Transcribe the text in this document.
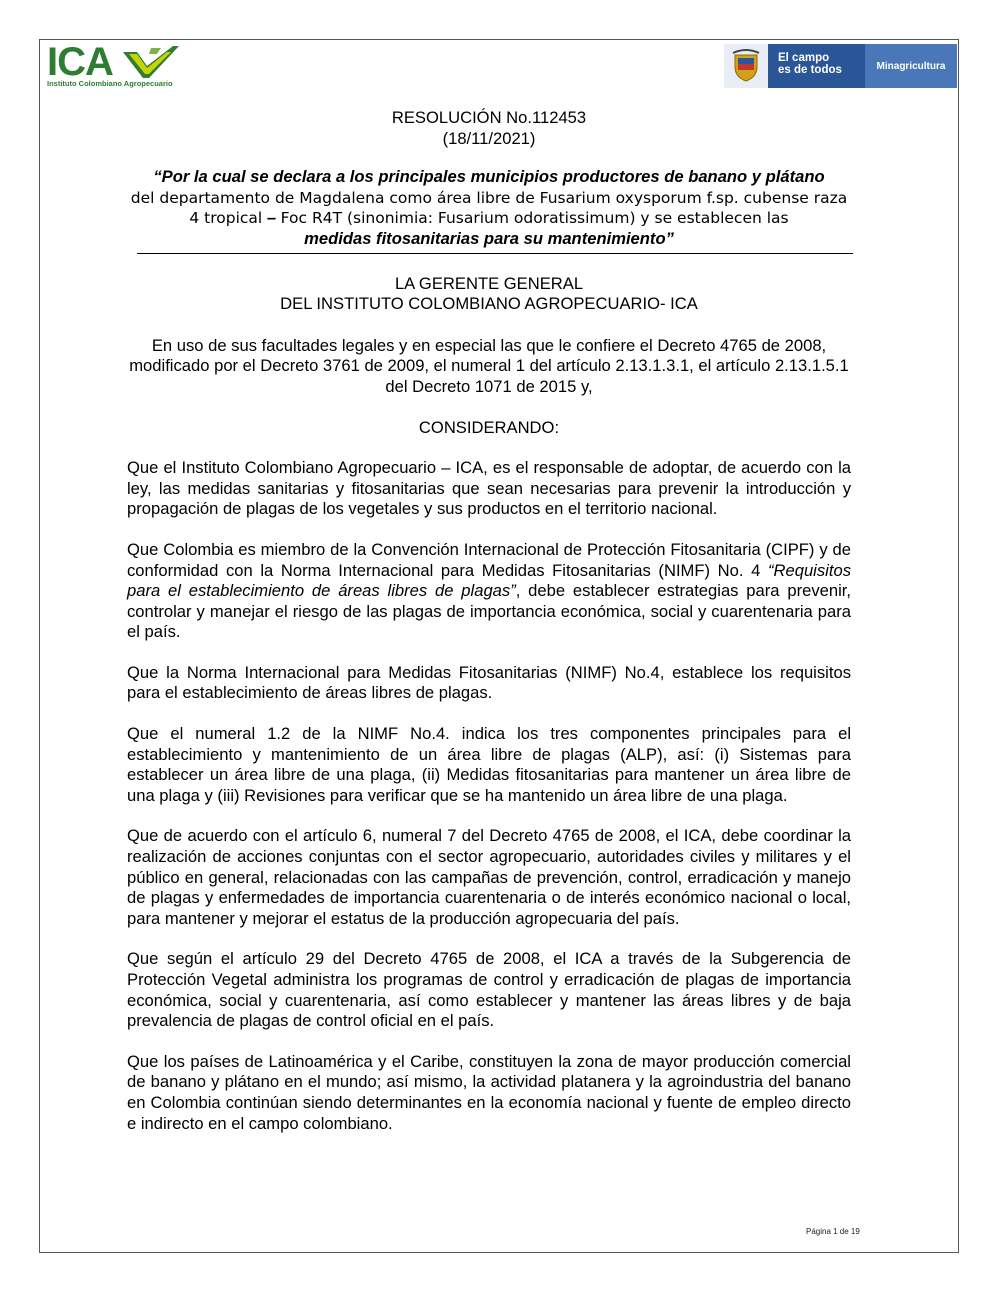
ICA
Instituto Colombiano Agropecuario
El campo
es de todos	Minagricultura
RESOLUCIÓN No.112453
(18/11/2021)
“Por la cual se declara a los principales municipios productores de banano y plátano
del departamento de Magdalena como área libre de Fusarium oxysporum f.sp. cubense raza 4 tropical – Foc R4T (sinonimia: Fusarium odoratissimum) y se establecen las
medidas fitosanitarias para su mantenimiento”
LA GERENTE GENERAL
DEL INSTITUTO COLOMBIANO AGROPECUARIO- ICA
En uso de sus facultades legales y en especial las que le confiere el Decreto 4765 de 2008, modificado por el Decreto 3761 de 2009, el numeral 1 del artículo 2.13.1.3.1, el artículo 2.13.1.5.1 del Decreto 1071 de 2015 y,
CONSIDERANDO:
Que el Instituto Colombiano Agropecuario – ICA, es el responsable de adoptar, de acuerdo con la ley, las medidas sanitarias y fitosanitarias que sean necesarias para prevenir la introducción y propagación de plagas de los vegetales y sus productos en el territorio nacional.
Que Colombia es miembro de la Convención Internacional de Protección Fitosanitaria (CIPF) y de conformidad con la Norma Internacional para Medidas Fitosanitarias (NIMF) No. 4 “Requisitos para el establecimiento de áreas libres de plagas”, debe establecer estrategias para prevenir, controlar y manejar el riesgo de las plagas de importancia económica, social y cuarentenaria para el país.
Que la Norma Internacional para Medidas Fitosanitarias (NIMF) No.4, establece los requisitos para el establecimiento de áreas libres de plagas.
Que el numeral 1.2 de la NIMF No.4. indica los tres componentes principales para el establecimiento y mantenimiento de un área libre de plagas (ALP), así: (i) Sistemas para establecer un área libre de una plaga, (ii) Medidas fitosanitarias para mantener un área libre de una plaga y (iii) Revisiones para verificar que se ha mantenido un área libre de una plaga.
Que de acuerdo con el artículo 6, numeral 7 del Decreto 4765 de 2008, el ICA, debe coordinar la realización de acciones conjuntas con el sector agropecuario, autoridades civiles y militares y el público en general, relacionadas con las campañas de prevención, control, erradicación y manejo de plagas y enfermedades de importancia cuarentenaria o de interés económico nacional o local, para mantener y mejorar el estatus de la producción agropecuaria del país.
Que según el artículo 29 del Decreto 4765 de 2008, el ICA a través de la Subgerencia de Protección Vegetal administra los programas de control y erradicación de plagas de importancia económica, social y cuarentenaria, así como establecer y mantener las áreas libres y de baja prevalencia de plagas de control oficial en el país.
Que los países de Latinoamérica y el Caribe, constituyen la zona de mayor producción comercial de banano y plátano en el mundo; así mismo, la actividad platanera y la agroindustria del banano en Colombia continúan siendo determinantes en la economía nacional y fuente de empleo directo e indirecto en el campo colombiano.
Página 1 de 19
